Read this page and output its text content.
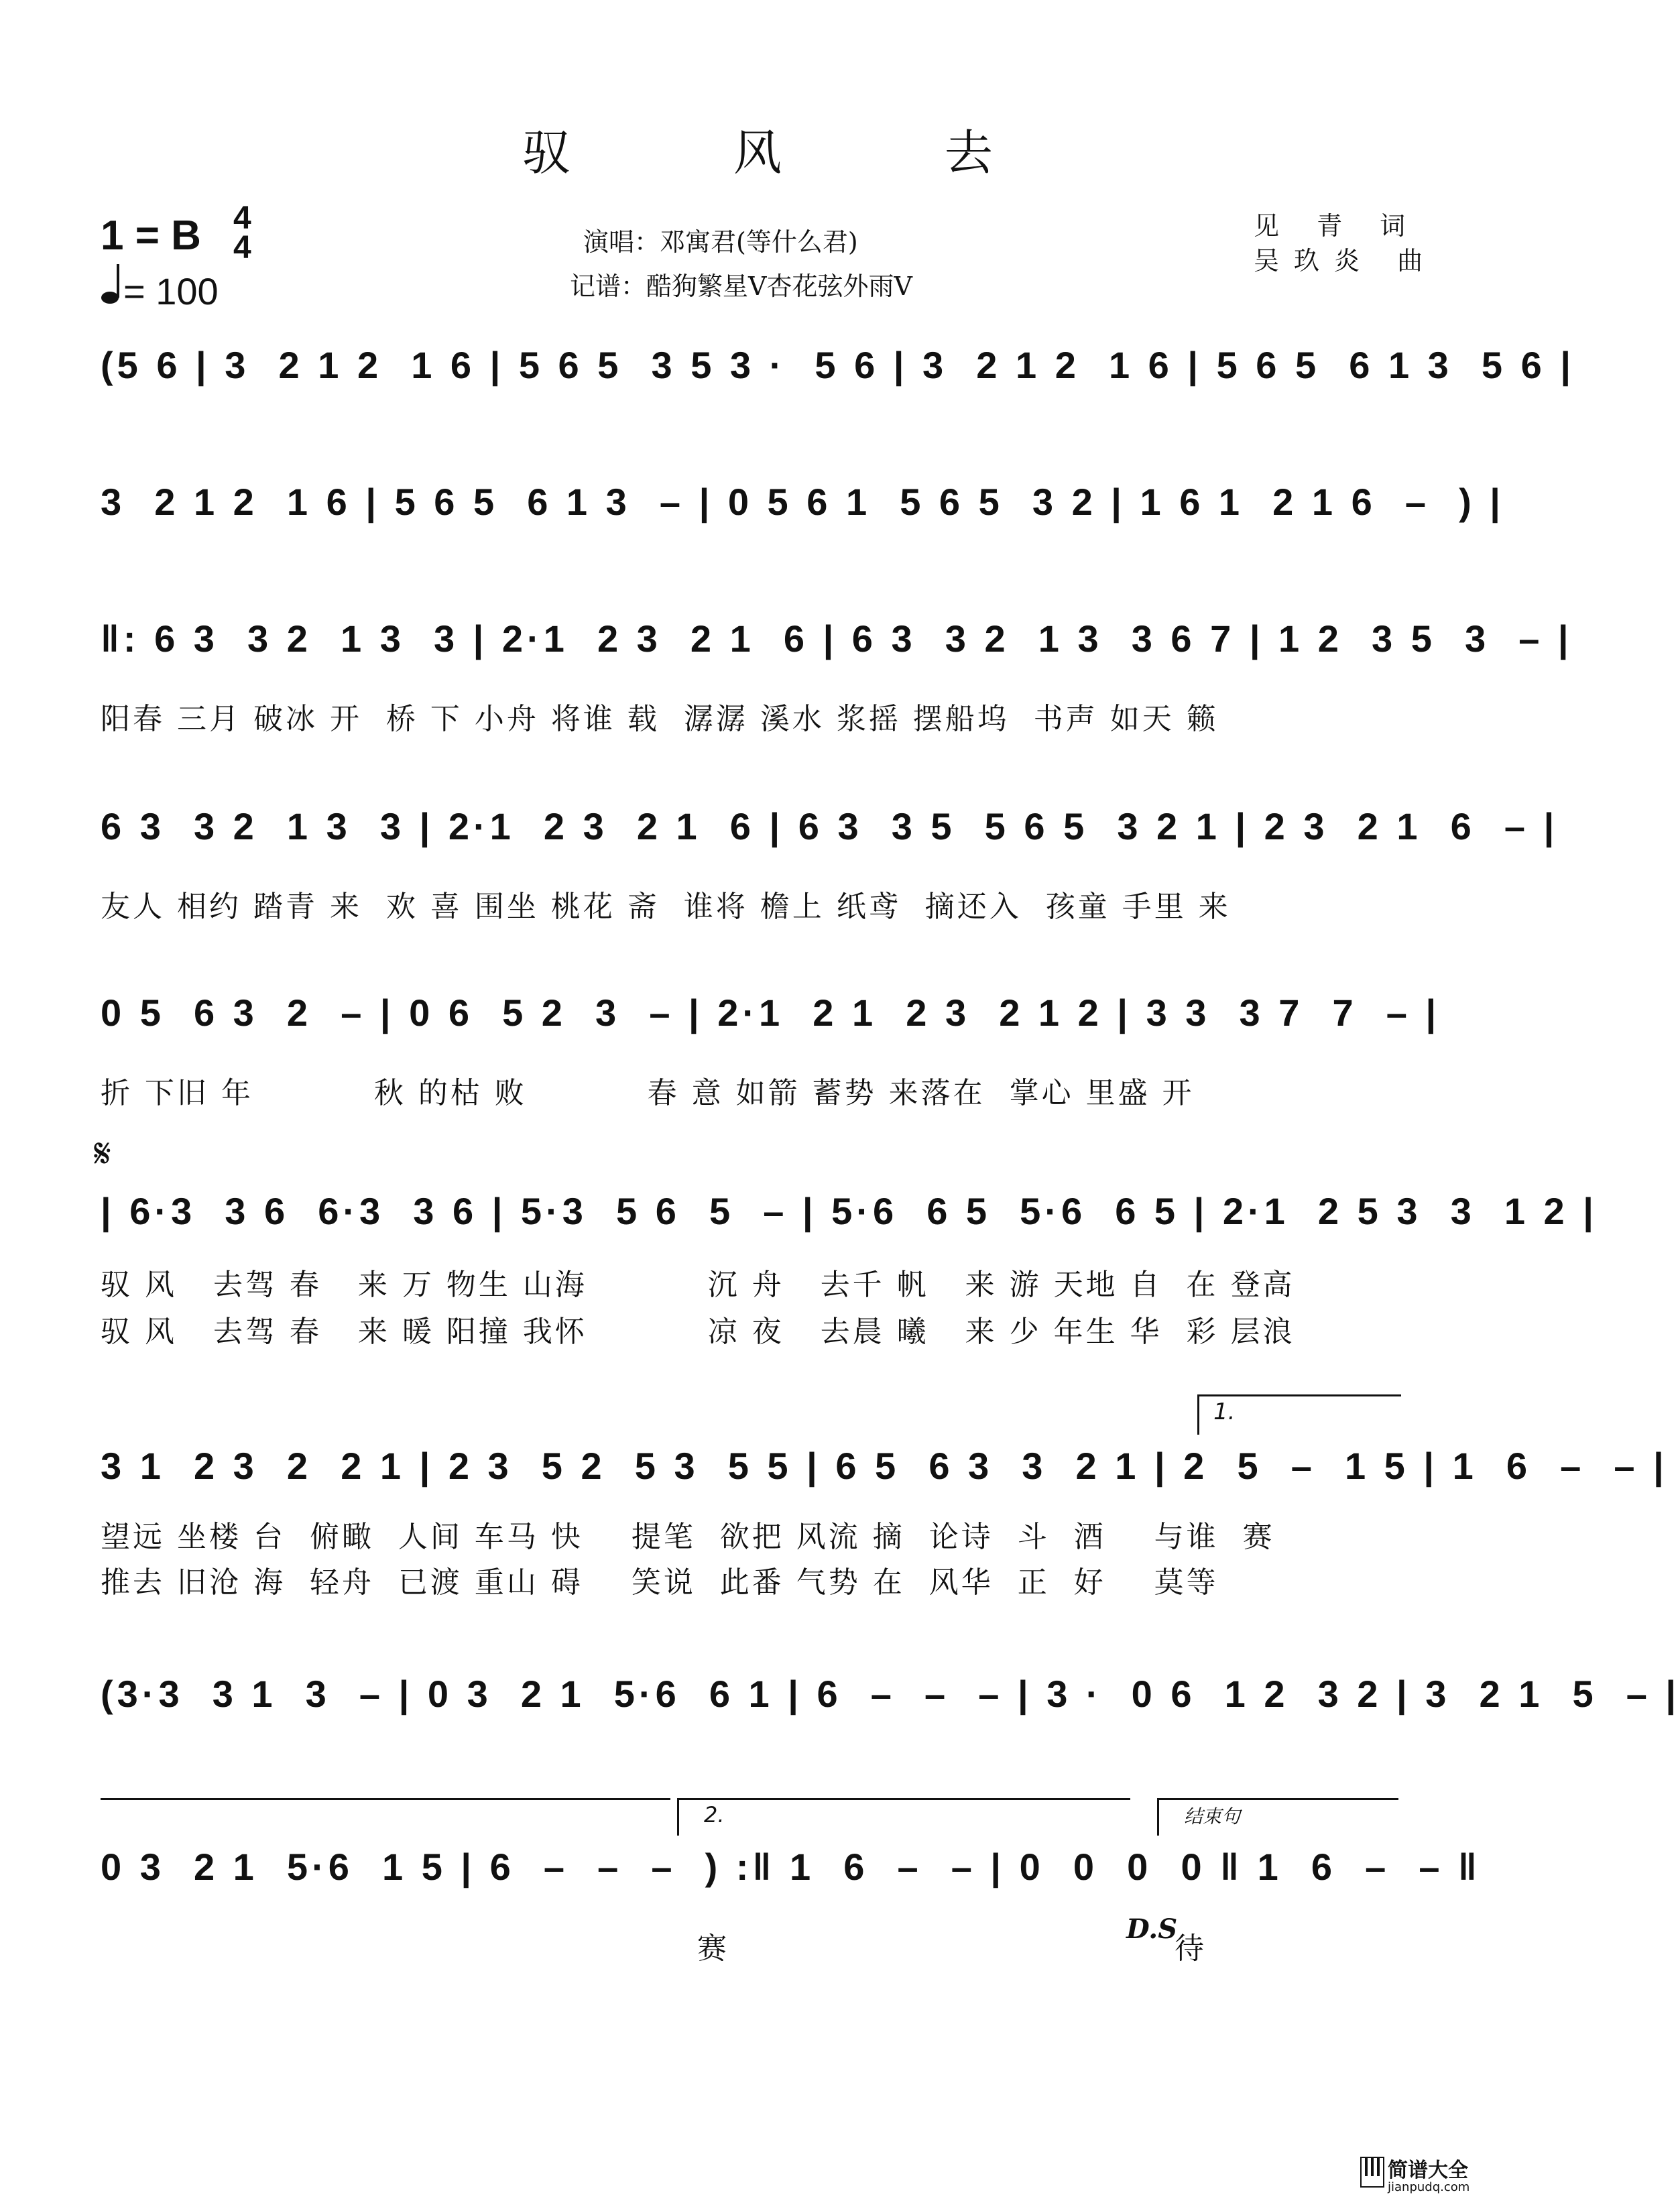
驭 风 去
1 = B 4
4
= 100
演唱：邓寓君(等什么君)
记谱：酷狗繁星V杏花弦外雨V
见 青 词
吴玖炎 曲
(5 6 | 3  2 1 2  1 6 | 5 6 5  3 5 3 ·  5 6 | 3  2 1 2  1 6 | 5 6 5  6 1 3  5 6 |
3  2 1 2  1 6 | 5 6 5  6 1 3  – | 0 5 6 1  5 6 5  3 2 | 1 6 1  2 1 6  –  ) |
‖: 6 3  3 2  1 3  3 | 2·1  2 3  2 1  6 | 6 3  3 2  1 3  3 6 7 | 1 2  3 5  3  – |
阳春 三月 破冰 开  桥 下 小舟 将谁 载  潺潺 溪水 浆摇 摆船坞  书声 如天 籁
6 3  3 2  1 3  3 | 2·1  2 3  2 1  6 | 6 3  3 5  5 6 5  3 2 1 | 2 3  2 1  6  – |
友人 相约 踏青 来  欢 喜 围坐 桃花 斋  谁将 檐上 纸鸢  摘还入  孩童 手里 来
0 5  6 3  2  – | 0 6  5 2  3  – | 2·1  2 1  2 3  2 1 2 | 3 3  3 7  7  – |
折 下旧 年          秋 的枯 败          春 意 如箭 蓄势 来落在  掌心 里盛 开
𝄋
| 6·3  3 6  6·3  3 6 | 5·3  5 6  5  – | 5·6  6 5  5·6  6 5 | 2·1  2 5 3  3  1 2 |
驭 风   去驾 春   来 万 物生 山海          沉 舟   去千 帆   来 游 天地 自  在 登高
驭 风   去驾 春   来 暖 阳撞 我怀          凉 夜   去晨 曦   来 少 年生 华  彩 层浪
1.
3 1  2 3  2  2 1 | 2 3  5 2  5 3  5 5 | 6 5  6 3  3  2 1 | 2  5  –  1 5 | 1  6  –  – |
望远 坐楼 台  俯瞰  人间 车马 快    提笔  欲把 风流 摘  论诗  斗  酒    与谁  赛
推去 旧沧 海  轻舟  已渡 重山 碍    笑说  此番 气势 在  风华  正  好    莫等
(3·3  3 1  3  – | 0 3  2 1  5·6  6 1 | 6  –  –  – | 3 ·  0 6  1 2  3 2 | 3  2 1  5  – |
2.	结束句
0 3  2 1  5·6  1 5 | 6  –  –  –  ) :‖ 1  6  –  – | 0  0  0  0 ‖ 1  6  –  – ‖
赛
D.S
待
简谱大全
jianpudq.com
